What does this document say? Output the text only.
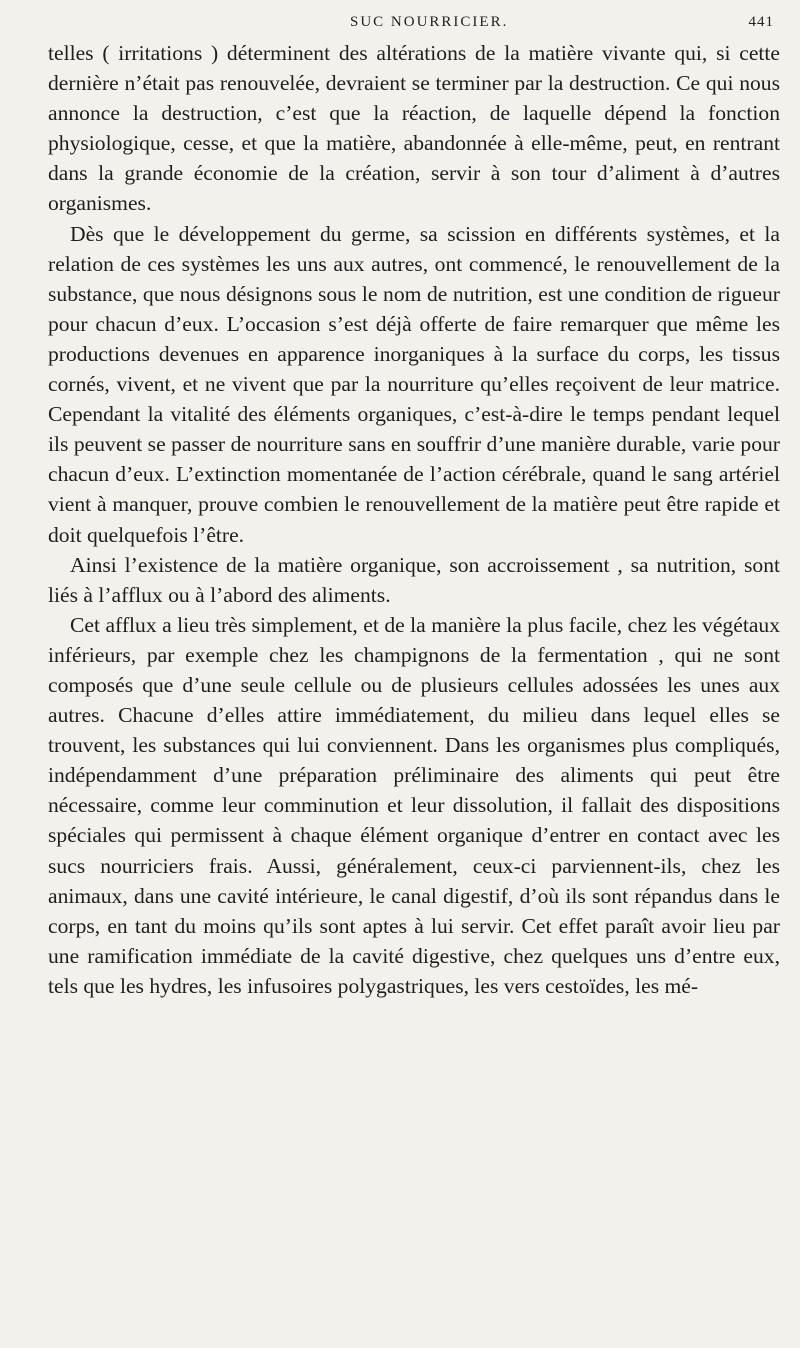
SUC NOURRICIER.	441

telles ( irritations ) déterminent des altérations de la matière vivante qui, si cette dernière n’était pas renouvelée, devraient se terminer par la destruction. Ce qui nous annonce la destruction, c’est que la réaction, de laquelle dépend la fonction physiologique, cesse, et que la matière, abandonnée à elle-même, peut, en rentrant dans la grande économie de la création, servir à son tour d’aliment à d’autres organismes.

Dès que le développement du germe, sa scission en différents systèmes, et la relation de ces systèmes les uns aux autres, ont commencé, le renouvellement de la substance, que nous désignons sous le nom de nutrition, est une condition de rigueur pour chacun d’eux. L’occasion s’est déjà offerte de faire remarquer que même les productions devenues en apparence inorganiques à la surface du corps, les tissus cornés, vivent, et ne vivent que par la nourriture qu’elles reçoivent de leur matrice. Cependant la vitalité des éléments organiques, c’est-à-dire le temps pendant lequel ils peuvent se passer de nourriture sans en souffrir d’une manière durable, varie pour chacun d’eux. L’extinction momentanée de l’action cérébrale, quand le sang artériel vient à manquer, prouve combien le renouvellement de la matière peut être rapide et doit quelquefois l’être.

Ainsi l’existence de la matière organique, son accroissement , sa nutrition, sont liés à l’afflux ou à l’abord des aliments.

Cet afflux a lieu très simplement, et de la manière la plus facile, chez les végétaux inférieurs, par exemple chez les champignons de la fermentation , qui ne sont composés que d’une seule cellule ou de plusieurs cellules adossées les unes aux autres. Chacune d’elles attire immédiatement, du milieu dans lequel elles se trouvent, les substances qui lui conviennent. Dans les organismes plus compliqués, indépendamment d’une préparation préliminaire des aliments qui peut être nécessaire, comme leur comminution et leur dissolution, il fallait des dispositions spéciales qui permissent à chaque élément organique d’entrer en contact avec les sucs nourriciers frais. Aussi, généralement, ceux-ci parviennent-ils, chez les animaux, dans une cavité intérieure, le canal digestif, d’où ils sont répandus dans le corps, en tant du moins qu’ils sont aptes à lui servir. Cet effet paraît avoir lieu par une ramification immédiate de la cavité digestive, chez quelques uns d’entre eux, tels que les hydres, les infusoires polygastriques, les vers cestoïdes, les mé-
